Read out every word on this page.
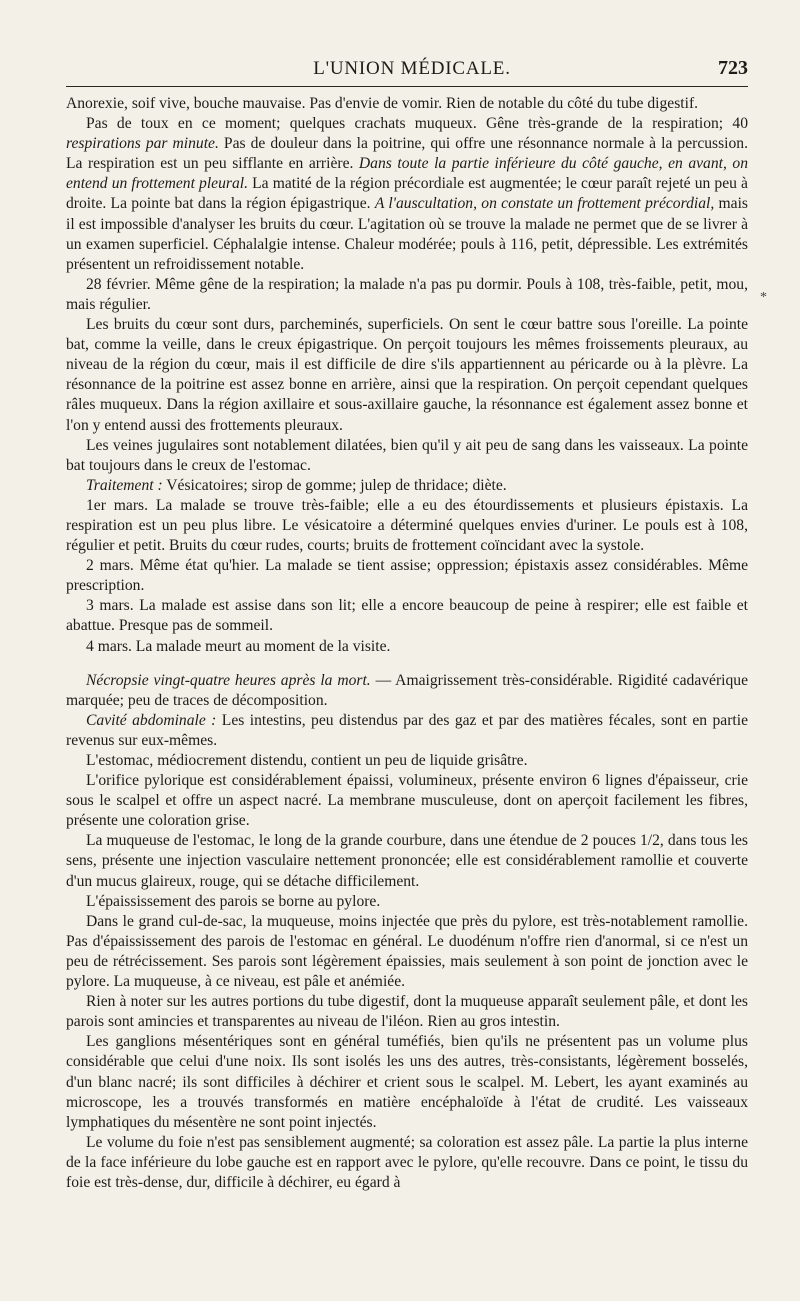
L'UNION MÉDICALE.	723

Anorexie, soif vive, bouche mauvaise. Pas d'envie de vomir. Rien de notable du côté du tube digestif.

Pas de toux en ce moment; quelques crachats muqueux. Gêne très-grande de la respiration; 40 respirations par minute. Pas de douleur dans la poitrine, qui offre une résonnance normale à la percussion. La respiration est un peu sifflante en arrière. Dans toute la partie inférieure du côté gauche, en avant, on entend un frottement pleural. La matité de la région précordiale est augmentée; le cœur paraît rejeté un peu à droite. La pointe bat dans la région épigastrique. A l'auscultation, on constate un frottement précordial, mais il est impossible d'analyser les bruits du cœur. L'agitation où se trouve la malade ne permet que de se livrer à un examen superficiel. Céphalalgie intense. Chaleur modérée; pouls à 116, petit, dépressible. Les extrémités présentent un refroidissement notable.

28 février. Même gêne de la respiration; la malade n'a pas pu dormir. Pouls à 108, très-faible, petit, mou, mais régulier.

Les bruits du cœur sont durs, parcheminés, superficiels. On sent le cœur battre sous l'oreille. La pointe bat, comme la veille, dans le creux épigastrique. On perçoit toujours les mêmes froissements pleuraux, au niveau de la région du cœur, mais il est difficile de dire s'ils appartiennent au péricarde ou à la plèvre. La résonnance de la poitrine est assez bonne en arrière, ainsi que la respiration. On perçoit cependant quelques râles muqueux. Dans la région axillaire et sous-axillaire gauche, la résonnance est également assez bonne et l'on y entend aussi des frottements pleuraux.

Les veines jugulaires sont notablement dilatées, bien qu'il y ait peu de sang dans les vaisseaux. La pointe bat toujours dans le creux de l'estomac.

Traitement : Vésicatoires; sirop de gomme; julep de thridace; diète.

1er mars. La malade se trouve très-faible; elle a eu des étourdissements et plusieurs épistaxis. La respiration est un peu plus libre. Le vésicatoire a déterminé quelques envies d'uriner. Le pouls est à 108, régulier et petit. Bruits du cœur rudes, courts; bruits de frottement coïncidant avec la systole.

2 mars. Même état qu'hier. La malade se tient assise; oppression; épistaxis assez considérables. Même prescription.

3 mars. La malade est assise dans son lit; elle a encore beaucoup de peine à respirer; elle est faible et abattue. Presque pas de sommeil.

4 mars. La malade meurt au moment de la visite.

Nécropsie vingt-quatre heures après la mort. — Amaigrissement très-considérable. Rigidité cadavérique marquée; peu de traces de décomposition.

Cavité abdominale : Les intestins, peu distendus par des gaz et par des matières fécales, sont en partie revenus sur eux-mêmes.

L'estomac, médiocrement distendu, contient un peu de liquide grisâtre.

L'orifice pylorique est considérablement épaissi, volumineux, présente environ 6 lignes d'épaisseur, crie sous le scalpel et offre un aspect nacré. La membrane musculeuse, dont on aperçoit facilement les fibres, présente une coloration grise.

La muqueuse de l'estomac, le long de la grande courbure, dans une étendue de 2 pouces 1/2, dans tous les sens, présente une injection vasculaire nettement prononcée; elle est considérablement ramollie et couverte d'un mucus glaireux, rouge, qui se détache difficilement.

L'épaississement des parois se borne au pylore.

Dans le grand cul-de-sac, la muqueuse, moins injectée que près du pylore, est très-notablement ramollie. Pas d'épaississement des parois de l'estomac en général. Le duodénum n'offre rien d'anormal, si ce n'est un peu de rétrécissement. Ses parois sont légèrement épaissies, mais seulement à son point de jonction avec le pylore. La muqueuse, à ce niveau, est pâle et anémiée.

Rien à noter sur les autres portions du tube digestif, dont la muqueuse apparaît seulement pâle, et dont les parois sont amincies et transparentes au niveau de l'iléon. Rien au gros intestin.

Les ganglions mésentériques sont en général tuméfiés, bien qu'ils ne présentent pas un volume plus considérable que celui d'une noix. Ils sont isolés les uns des autres, très-consistants, légèrement bosselés, d'un blanc nacré; ils sont difficiles à déchirer et crient sous le scalpel. M. Lebert, les ayant examinés au microscope, les a trouvés transformés en matière encéphaloïde à l'état de crudité. Les vaisseaux lymphatiques du mésentère ne sont point injectés.

Le volume du foie n'est pas sensiblement augmenté; sa coloration est assez pâle. La partie la plus interne de la face inférieure du lobe gauche est en rapport avec le pylore, qu'elle recouvre. Dans ce point, le tissu du foie est très-dense, dur, difficile à déchirer, eu égard à

*
